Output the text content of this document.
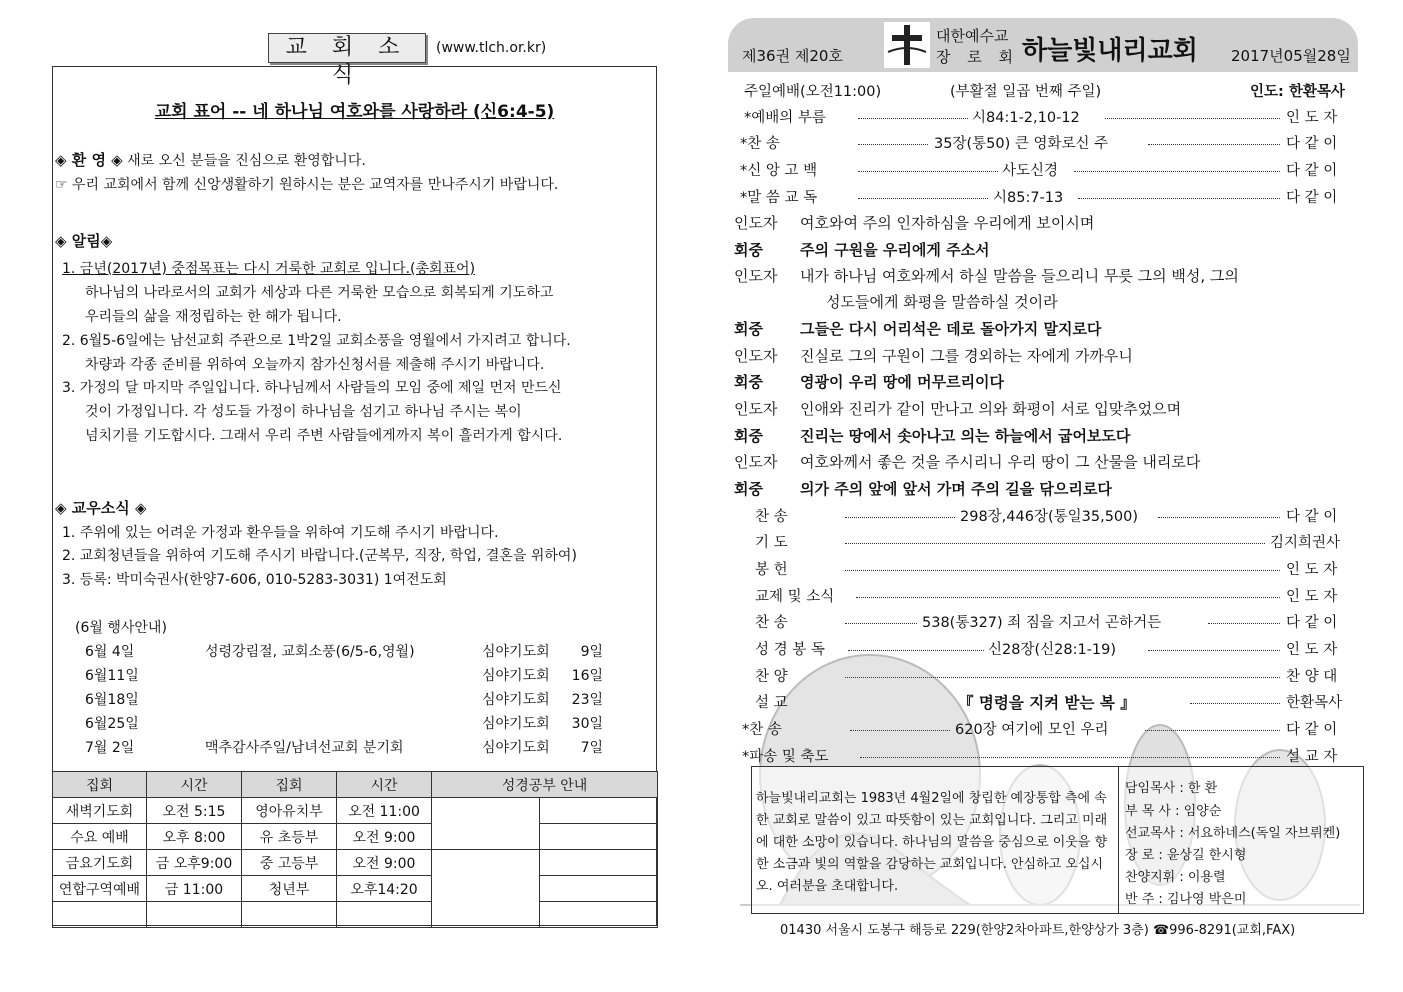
교 회 소 식
(www.tlch.or.kr)
교회 표어 -- 네 하나님 여호와를 사랑하라 (신6:4-5)
◈ 환 영 ◈ 새로 오신 분들을 진심으로 환영합니다.
☞ 우리 교회에서 함께 신앙생활하기 원하시는 분은 교역자를 만나주시기 바랍니다.
◈ 알림◈
1. 금년(2017년) 중점목표는 다시 거룩한 교회로 입니다.(총회표어)
하나님의 나라로서의 교회가 세상과 다른 거룩한 모습으로 회복되게 기도하고
우리들의 삶을 재정립하는 한 해가 됩니다.
2. 6월5-6일에는 남선교회 주관으로 1박2일 교회소풍을 영월에서 가지려고 합니다.
차량과 각종 준비를 위하여 오늘까지 참가신청서를 제출해 주시기 바랍니다.
3. 가정의 달 마지막 주일입니다. 하나님께서 사람들의 모임 중에 제일 먼저 만드신
것이 가정입니다. 각 성도들 가정이 하나님을 섬기고 하나님 주시는 복이
넘치기를 기도합시다. 그래서 우리 주변 사람들에게까지 복이 흘러가게 합시다.
◈ 교우소식 ◈
1. 주위에 있는 어려운 가정과 환우들을 위하여 기도해 주시기 바랍니다.
2. 교회청년들을 위하여 기도해 주시기 바랍니다.(군복무, 직장, 학업, 결혼을 위하여)
3. 등록: 박미숙권사(한양7-606, 010-5283-3031) 1여전도회
(6월 행사안내)
6월 4일	성령강림절, 교회소풍(6/5-6,영월)	심야기도회 9일
6월11일	심야기도회 16일
6월18일	심야기도회 23일
6월25일	심야기도회 30일
7월 2일	맥추감사주일/남녀선교회 분기회	심야기도회 7일
집회	시간	집회	시간	성경공부 안내	
새벽기도회	오전 5:15	영아유치부	오전 11:00		
수요 예배	오후 8:00	유 초등부	오전 9:00		
금요기도회	금 오후9:00	중 고등부	오전 9:00		
연합구역예배	금 11:00	청년부	오후14:20		

제36권 제20호
대한예수교
장 로 회 하늘빛내리교회 2017년05월28일
주일예배(오전11:00)	(부활절 일곱 번째 주일)	인도: 한환목사
*예배의 부름	시84:1-2,10-12	인 도 자
*찬 송	35장(통50) 큰 영화로신 주	다 같 이
*신 앙 고 백	사도신경	다 같 이
*말 씀 교 독	시85:7-13	다 같 이
인도자 여호와여 주의 인자하심을 우리에게 보이시며
회중 주의 구원을 우리에게 주소서
인도자 내가 하나님 여호와께서 하실 말씀을 들으리니 무릇 그의 백성, 그의
성도들에게 화평을 말씀하실 것이라
회중 그들은 다시 어리석은 데로 돌아가지 말지로다
인도자 진실로 그의 구원이 그를 경외하는 자에게 가까우니
회중 영광이 우리 땅에 머무르리이다
인도자 인애와 진리가 같이 만나고 의와 화평이 서로 입맞추었으며
회중 진리는 땅에서 솟아나고 의는 하늘에서 굽어보도다
인도자 여호와께서 좋은 것을 주시리니 우리 땅이 그 산물을 내리로다
회중 의가 주의 앞에 앞서 가며 주의 길을 닦으리로다
찬 송	298장,446장(통일35,500)	다 같 이
기 도	김지희권사
봉 헌	인 도 자
교제 및 소식	인 도 자
찬 송	538(통327) 죄 짐을 지고서 곤하거든	다 같 이
성 경 봉 독	신28장(신28:1-19)	인 도 자
찬 양	찬 양 대
설 교	『 명령을 지켜 받는 복 』	한환목사
*찬 송	620장 여기에 모인 우리	다 같 이
*파송 및 축도	설 교 자
하늘빛내리교회는 1983년 4월2일에 창립한 예장통합 측에 속한 교회로 말씀이 있고 따뜻함이 있는 교회입니다. 그리고 미래에 대한 소망이 있습니다. 하나님의 말씀을 중심으로 이웃을 향한 소금과 빛의 역할을 감당하는 교회입니다. 안심하고 오십시오. 여러분을 초대합니다.
담임목사 : 한 환
부 목 사 : 임양순
선교목사 : 서요하네스(독일 자브뤼켄)
장 로 : 윤상길 한시형
찬양지휘 : 이용렬
반 주 : 김나영 박은미
01430 서울시 도봉구 해등로 229(한양2차아파트,한양상가 3층) ☎996-8291(교회,FAX)
